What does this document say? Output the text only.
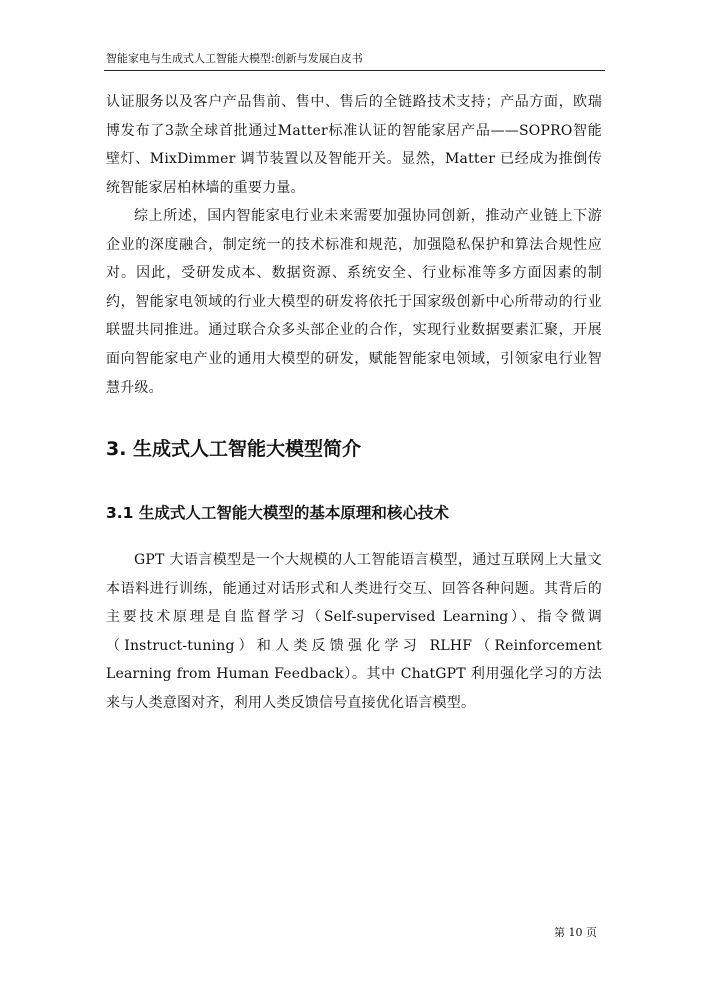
智能家电与生成式人工智能大模型:创新与发展白皮书

认证服务以及客户产品售前、售中、售后的全链路技术支持；产品方面，欧瑞博发布了3款全球首批通过Matter标准认证的智能家居产品——SOPRO智能壁灯、MixDimmer 调节装置以及智能开关。显然，Matter 已经成为推倒传统智能家居柏林墙的重要力量。

综上所述，国内智能家电行业未来需要加强协同创新，推动产业链上下游企业的深度融合，制定统一的技术标准和规范，加强隐私保护和算法合规性应对。因此，受研发成本、数据资源、系统安全、行业标准等多方面因素的制约，智能家电领域的行业大模型的研发将依托于国家级创新中心所带动的行业联盟共同推进。通过联合众多头部企业的合作，实现行业数据要素汇聚，开展面向智能家电产业的通用大模型的研发，赋能智能家电领域，引领家电行业智慧升级。

3. 生成式人工智能大模型简介
3.1 生成式人工智能大模型的基本原理和核心技术

GPT 大语言模型是一个大规模的人工智能语言模型，通过互联网上大量文本语料进行训练，能通过对话形式和人类进行交互、回答各种问题。其背后的主要技术原理是自监督学习（Self-supervised Learning）、指令微调（Instruct-tuning）和人类反馈强化学习 RLHF（Reinforcement Learning from Human Feedback）。其中 ChatGPT 利用强化学习的方法来与人类意图对齐，利用人类反馈信号直接优化语言模型。

第 10 页
